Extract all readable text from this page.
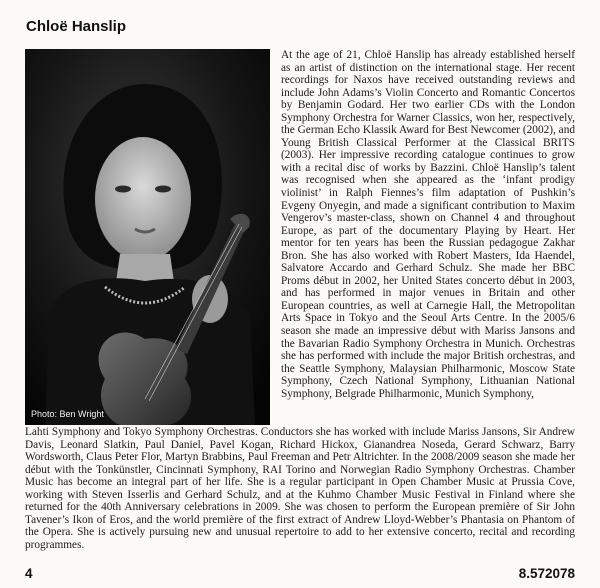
Chloë Hanslip
Photo: Ben Wright
At the age of 21, Chloë Hanslip has already established herself as an artist of distinction on the international stage. Her recent recordings for Naxos have received outstanding reviews and include John Adams’s Violin Concerto and Romantic Concertos by Benjamin Godard. Her two earlier CDs with the London Symphony Orchestra for Warner Classics, won her, respectively, the German Echo Klassik Award for Best Newcomer (2002), and Young British Classical Performer at the Classical BRITS (2003). Her impressive recording catalogue continues to grow with a recital disc of works by Bazzini. Chloë Hanslip’s talent was recognised when she appeared as the ‘infant prodigy violinist’ in Ralph Fiennes’s film adaptation of Pushkin’s Evgeny Onyegin, and made a significant contribution to Maxim Vengerov’s master-class, shown on Channel 4 and throughout Europe, as part of the documentary Playing by Heart. Her mentor for ten years has been the Russian pedagogue Zakhar Bron. She has also worked with Robert Masters, Ida Haendel, Salvatore Accardo and Gerhard Schulz. She made her BBC Proms début in 2002, her United States concerto début in 2003, and has performed in major venues in Britain and other European countries, as well at Carnegie Hall, the Metropolitan Arts Space in Tokyo and the Seoul Arts Centre. In the 2005/6 season she made an impressive début with Mariss Jansons and the Bavarian Radio Symphony Orchestra in Munich. Orchestras she has performed with include the major British orchestras, and the Seattle Symphony, Malaysian Philharmonic, Moscow State Symphony, Czech National Symphony, Lithuanian National Symphony, Belgrade Philharmonic, Munich Symphony,
Lahti Symphony and Tokyo Symphony Orchestras. Conductors she has worked with include Mariss Jansons, Sir Andrew Davis, Leonard Slatkin, Paul Daniel, Pavel Kogan, Richard Hickox, Gianandrea Noseda, Gerard Schwarz, Barry Wordsworth, Claus Peter Flor, Martyn Brabbins, Paul Freeman and Petr Altrichter. In the 2008/2009 season she made her début with the Tonkünstler, Cincinnati Symphony, RAI Torino and Norwegian Radio Symphony Orchestras. Chamber Music has become an integral part of her life. She is a regular participant in Open Chamber Music at Prussia Cove, working with Steven Isserlis and Gerhard Schulz, and at the Kuhmo Chamber Music Festival in Finland where she returned for the 40th Anniversary celebrations in 2009. She was chosen to perform the European première of Sir John Tavener’s Ikon of Eros, and the world première of the first extract of Andrew Lloyd-Webber’s Phantasia on Phantom of the Opera. She is actively pursuing new and unusual repertoire to add to her extensive concerto, recital and recording programmes.
4	8.572078
